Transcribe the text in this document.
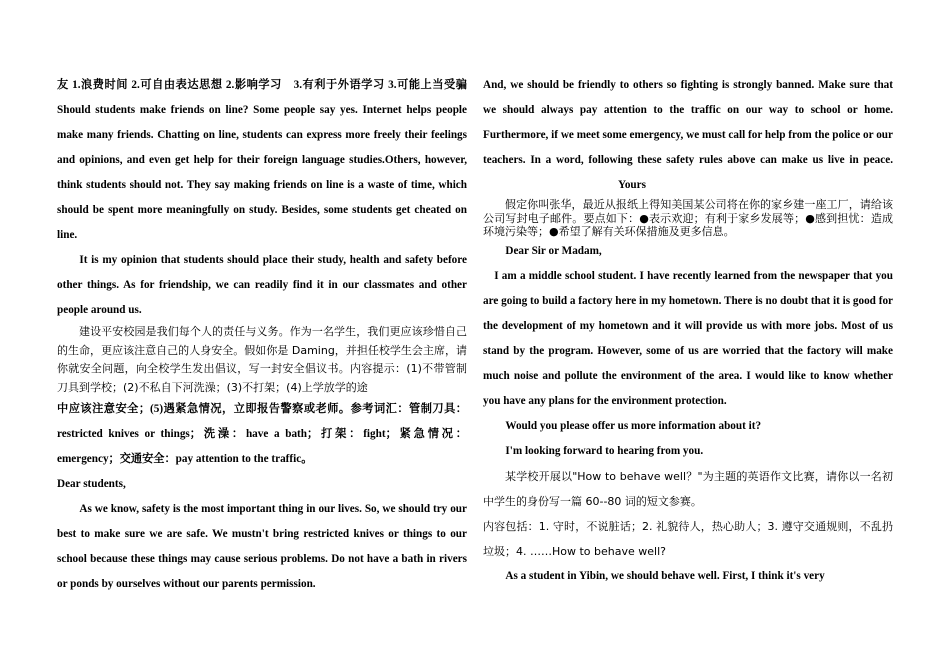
友 1.浪费时间 2.可自由表达思想 2.影响学习　3.有利于外语学习 3.可能上当受骗　Should students make friends on line? Some people say yes. Internet helps people make many friends. Chatting on line, students can express more freely their feelings and opinions, and even get help for their foreign language studies.Others, however, think students should not. They say making friends on line is a waste of time, which should be spent more meaningfully on study. Besides, some students get cheated on line.

It is my opinion that students should place their study, health and safety before other things. As for friendship, we can readily find it in our classmates and other people around us.

建设平安校园是我们每个人的责任与义务。作为一名学生，我们更应该珍惜自己的生命，更应该注意自己的人身安全。假如你是 Daming，并担任校学生会主席，请你就安全问题，向全校学生发出倡议，写一封安全倡议书。内容提示：(1)不带管制刀具到学校；(2)不私自下河洗澡；(3)不打架；(4)上学放学的途

中应该注意安全；(5)遇紧急情况，立即报告警察或老师。参考词汇：管制刀具：restricted knives or things；洗澡：have a bath；打架：fight；紧急情况：emergency；交通安全：pay attention to the traffic。

Dear students,

As we know, safety is the most important thing in our lives. So, we should try our best to make sure we are safe. We mustn't bring restricted knives or things to our school because these things may cause serious problems. Do not have a bath in rivers or ponds by ourselves without our parents permission.

And, we should be friendly to others so fighting is strongly banned. Make sure that we should always pay attention to the traffic on our way to school or home. Furthermore, if we meet some emergency, we must call for help from the police or our teachers. In a word, following these safety rules above can make us live in peace.Yours

假定你叫张华，最近从报纸上得知美国某公司将在你的家乡建一座工厂，请给该公司写封电子邮件。要点如下：●表示欢迎；有利于家乡发展等；●感到担忧：造成环境污染等；●希望了解有关环保措施及更多信息。

Dear Sir or Madam,

I am a middle school student. I have recently learned from the newspaper that you are going to build a factory here in my hometown. There is no doubt that it is good for the development of my hometown and it will provide us with more jobs. Most of us stand by the program. However, some of us are worried that the factory will make much noise and pollute the environment of the area. I would like to know whether you have any plans for the environment protection.

Would you please offer us more information about it?

I'm looking forward to hearing from you.

某学校开展以"How to behave well？"为主题的英语作文比赛，请你以一名初中学生的身份写一篇 60--80 词的短文参赛。

内容包括：1. 守时，不说脏话；2. 礼貌待人，热心助人；3. 遵守交通规则，不乱扔垃圾；4. ……How to behave well?

As a student in Yibin, we should behave well. First, I think it's very
